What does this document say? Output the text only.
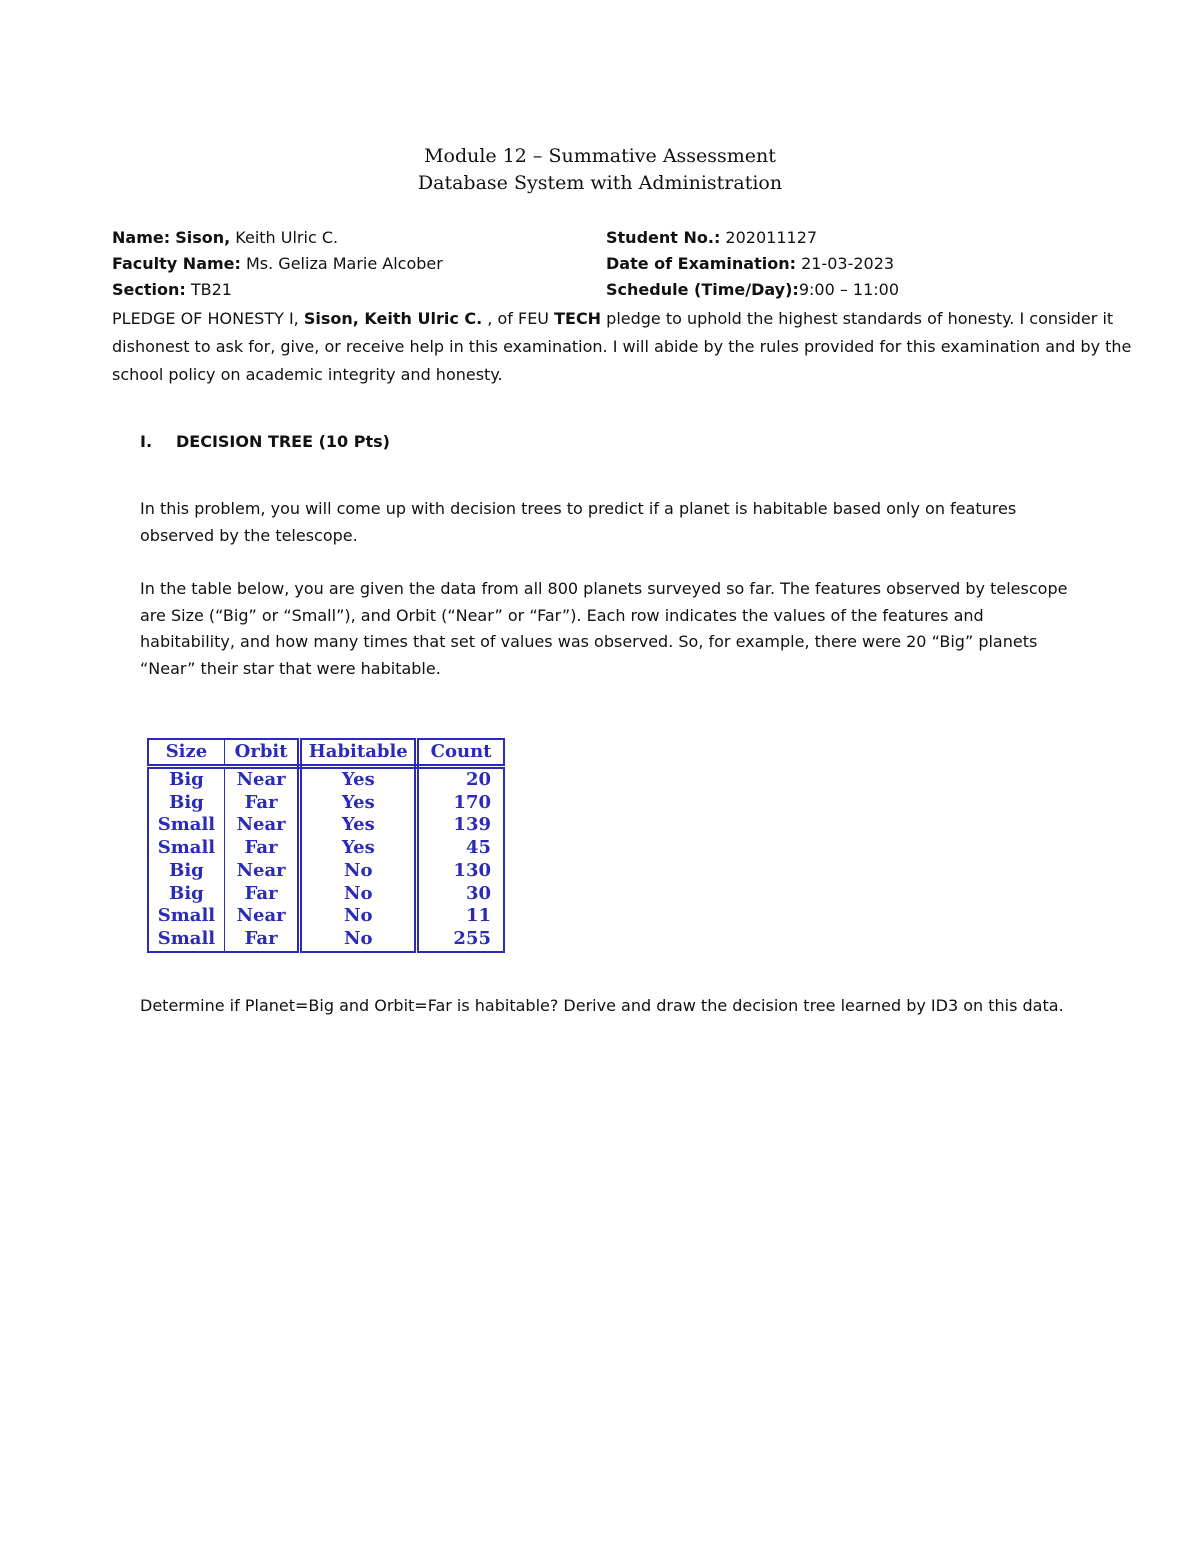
Module 12 – Summative Assessment
Database System with Administration
Name: Sison, Keith Ulric C.	Student No.: 202011127
Faculty Name: Ms. Geliza Marie Alcober	Date of Examination: 21-03-2023
Section: TB21	Schedule (Time/Day):9:00 – 11:00
PLEDGE OF HONESTY I, Sison, Keith Ulric C. , of FEU TECH pledge to uphold the highest standards of honesty. I consider it dishonest to ask for, give, or receive help in this examination. I will abide by the rules provided for this examination and by the school policy on academic integrity and honesty.
I. DECISION TREE (10 Pts)
In this problem, you will come up with decision trees to predict if a planet is habitable based only on features observed by the telescope.
In the table below, you are given the data from all 800 planets surveyed so far. The features observed by telescope are Size (“Big” or “Small”), and Orbit (“Near” or “Far”). Each row indicates the values of the features and habitability, and how many times that set of values was observed. So, for example, there were 20 “Big” planets “Near” their star that were habitable.
Size	Orbit	Habitable	Count
Big	Near	Yes	20
Big	Far	Yes	170
Small	Near	Yes	139
Small	Far	Yes	45
Big	Near	No	130
Big	Far	No	30
Small	Near	No	11
Small	Far	No	255
Determine if Planet=Big and Orbit=Far is habitable? Derive and draw the decision tree learned by ID3 on this data.
